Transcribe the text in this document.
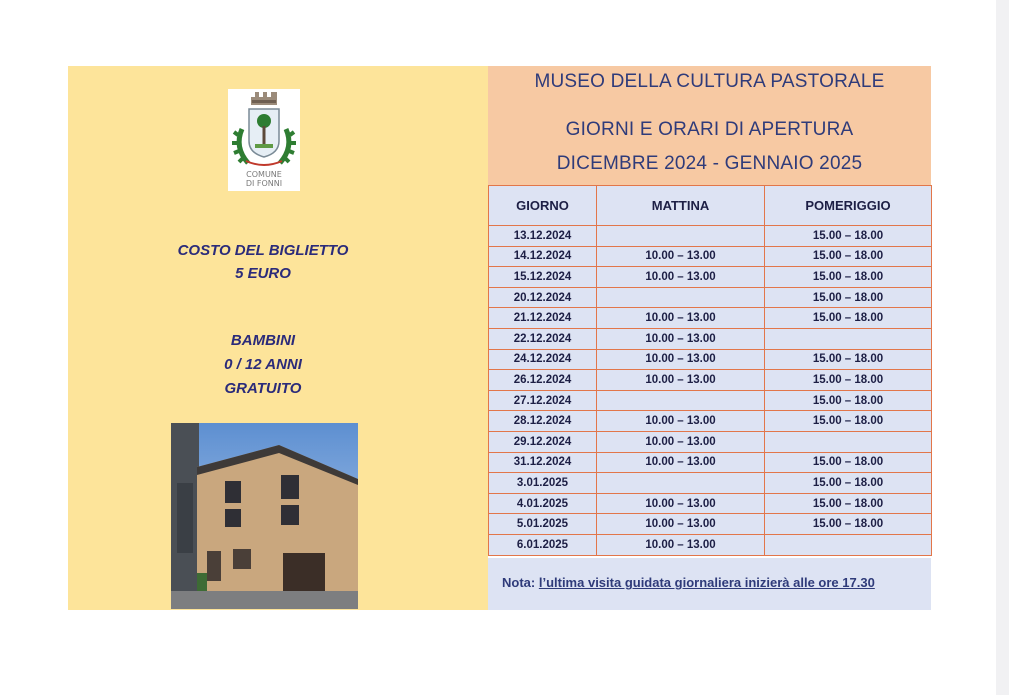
COMUNE
DI FONNI
COSTO DEL BIGLIETTO
5 EURO
BAMBINI
0 / 12 ANNI
GRATUITO
MUSEO DELLA CULTURA PASTORALE
GIORNI E ORARI DI APERTURA
DICEMBRE 2024 - GENNAIO 2025
GIORNO	MATTINA	POMERIGGIO
13.12.2024		15.00 – 18.00
14.12.2024	10.00 – 13.00	15.00 – 18.00
15.12.2024	10.00 – 13.00	15.00 – 18.00
20.12.2024		15.00 – 18.00
21.12.2024	10.00 – 13.00	15.00 – 18.00
22.12.2024	10.00 – 13.00	
24.12.2024	10.00 – 13.00	15.00 – 18.00
26.12.2024	10.00 – 13.00	15.00 – 18.00
27.12.2024		15.00 – 18.00
28.12.2024	10.00 – 13.00	15.00 – 18.00
29.12.2024	10.00 – 13.00	
31.12.2024	10.00 – 13.00	15.00 – 18.00
3.01.2025		15.00 – 18.00
4.01.2025	10.00 – 13.00	15.00 – 18.00
5.01.2025	10.00 – 13.00	15.00 – 18.00
6.01.2025	10.00 – 13.00	
Nota: l’ultima visita guidata giornaliera inizierà alle ore 17.30
